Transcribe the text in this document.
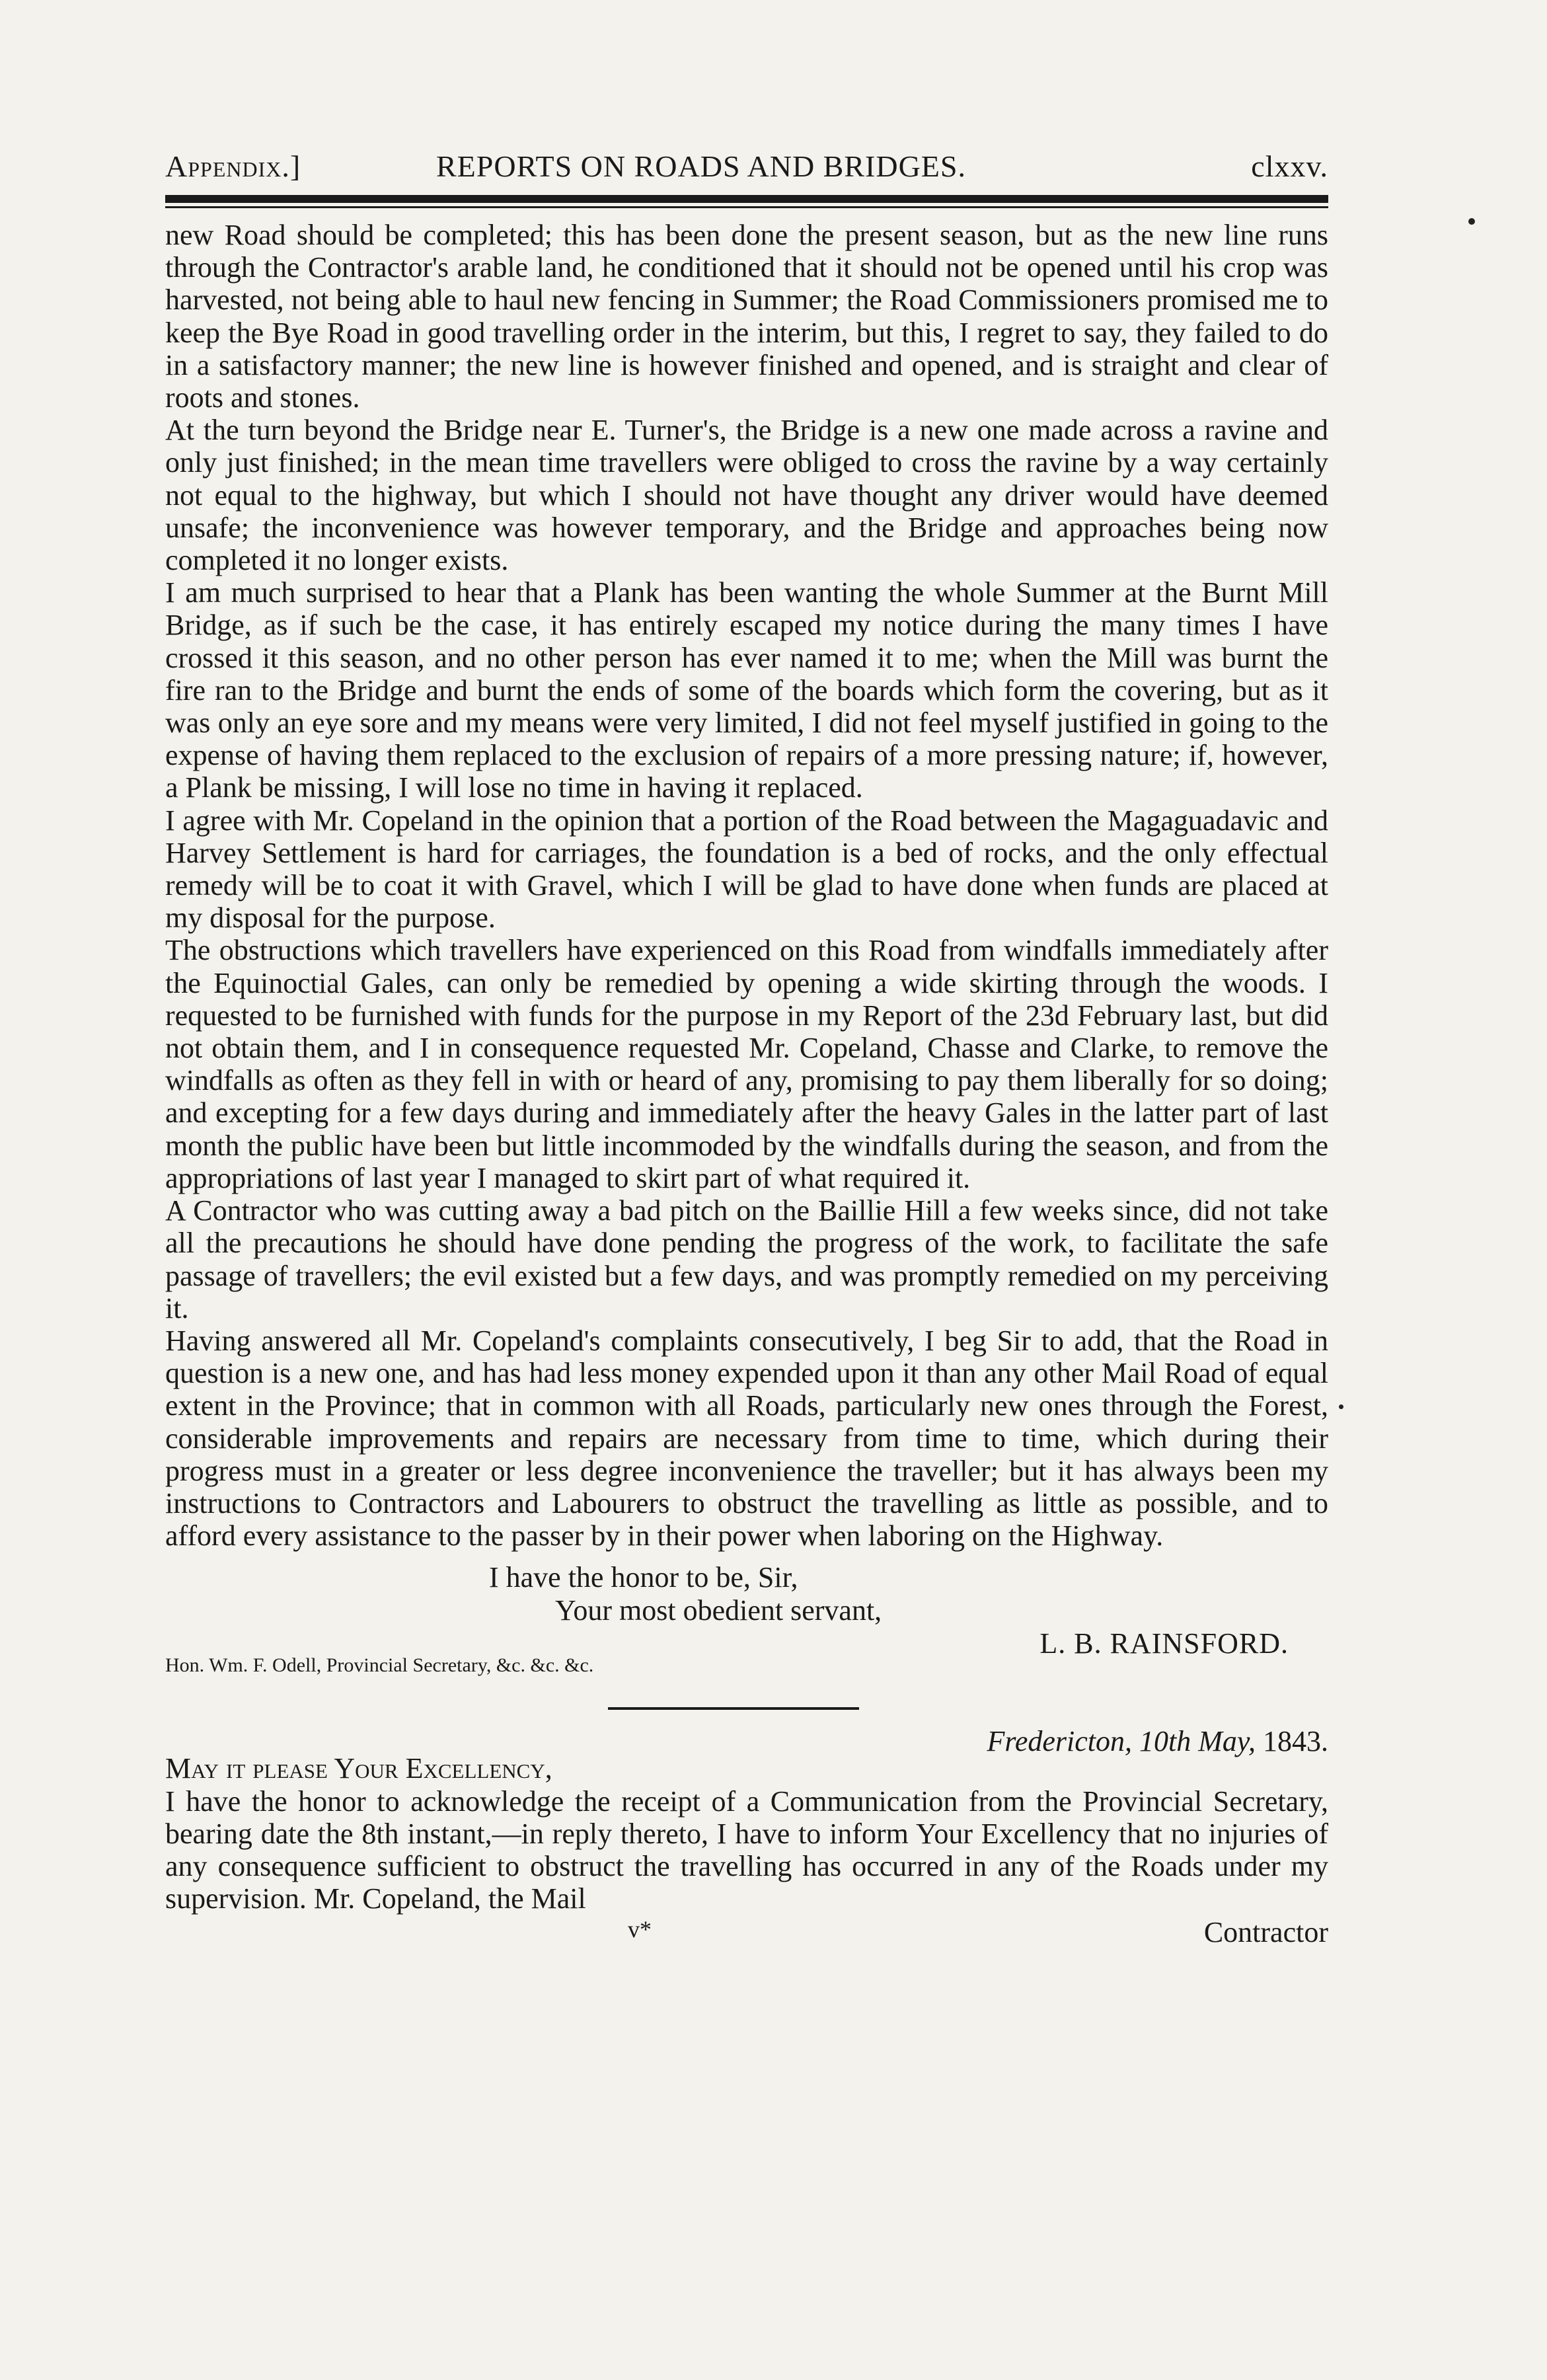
Appendix.]	REPORTS ON ROADS AND BRIDGES.	clxxv.

new Road should be completed; this has been done the present season, but as the new line runs through the Contractor's arable land, he conditioned that it should not be opened until his crop was harvested, not being able to haul new fencing in Summer; the Road Commissioners promised me to keep the Bye Road in good travelling order in the interim, but this, I regret to say, they failed to do in a satisfactory manner; the new line is however finished and opened, and is straight and clear of roots and stones.

At the turn beyond the Bridge near E. Turner's, the Bridge is a new one made across a ravine and only just finished; in the mean time travellers were obliged to cross the ravine by a way certainly not equal to the highway, but which I should not have thought any driver would have deemed unsafe; the inconvenience was however temporary, and the Bridge and approaches being now completed it no longer exists.

I am much surprised to hear that a Plank has been wanting the whole Summer at the Burnt Mill Bridge, as if such be the case, it has entirely escaped my notice during the many times I have crossed it this season, and no other person has ever named it to me; when the Mill was burnt the fire ran to the Bridge and burnt the ends of some of the boards which form the covering, but as it was only an eye sore and my means were very limited, I did not feel myself justified in going to the expense of having them replaced to the exclusion of repairs of a more pressing nature; if, however, a Plank be missing, I will lose no time in having it replaced.

I agree with Mr. Copeland in the opinion that a portion of the Road between the Magaguadavic and Harvey Settlement is hard for carriages, the foundation is a bed of rocks, and the only effectual remedy will be to coat it with Gravel, which I will be glad to have done when funds are placed at my disposal for the purpose.

The obstructions which travellers have experienced on this Road from windfalls immediately after the Equinoctial Gales, can only be remedied by opening a wide skirting through the woods. I requested to be furnished with funds for the purpose in my Report of the 23d February last, but did not obtain them, and I in consequence requested Mr. Copeland, Chasse and Clarke, to remove the windfalls as often as they fell in with or heard of any, promising to pay them liberally for so doing; and excepting for a few days during and immediately after the heavy Gales in the latter part of last month the public have been but little incommoded by the windfalls during the season, and from the appropriations of last year I managed to skirt part of what required it.

A Contractor who was cutting away a bad pitch on the Baillie Hill a few weeks since, did not take all the precautions he should have done pending the progress of the work, to facilitate the safe passage of travellers; the evil existed but a few days, and was promptly remedied on my perceiving it.

Having answered all Mr. Copeland's complaints consecutively, I beg Sir to add, that the Road in question is a new one, and has had less money expended upon it than any other Mail Road of equal extent in the Province; that in common with all Roads, particularly new ones through the Forest, considerable improvements and repairs are necessary from time to time, which during their progress must in a greater or less degree inconvenience the traveller; but it has always been my instructions to Contractors and Labourers to obstruct the travelling as little as possible, and to afford every assistance to the passer by in their power when laboring on the Highway.

I have the honor to be, Sir,
Your most obedient servant,
Hon. Wm. F. Odell, Provincial Secretary, &c. &c. &c.
L. B. RAINSFORD.
Fredericton, 10th May, 1843.
May it please Your Excellency,

I have the honor to acknowledge the receipt of a Communication from the Provincial Secretary, bearing date the 8th instant,—in reply thereto, I have to inform Your Excellency that no injuries of any consequence sufficient to obstruct the travelling has occurred in any of the Roads under my supervision. Mr. Copeland, the Mail

v*	Contractor
